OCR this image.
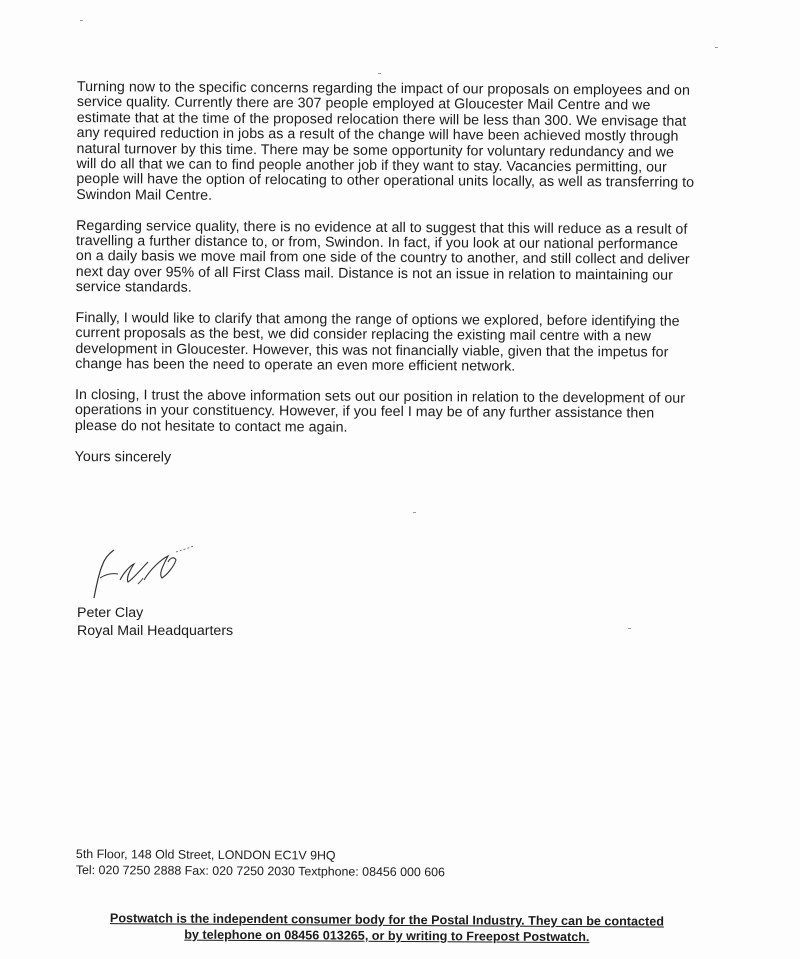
Turning now to the specific concerns regarding the impact of our proposals on employees and on service quality. Currently there are 307 people employed at Gloucester Mail Centre and we estimate that at the time of the proposed relocation there will be less than 300. We envisage that any required reduction in jobs as a result of the change will have been achieved mostly through natural turnover by this time. There may be some opportunity for voluntary redundancy and we will do all that we can to find people another job if they want to stay. Vacancies permitting, our people will have the option of relocating to other operational units locally, as well as transferring to Swindon Mail Centre.

Regarding service quality, there is no evidence at all to suggest that this will reduce as a result of travelling a further distance to, or from, Swindon. In fact, if you look at our national performance on a daily basis we move mail from one side of the country to another, and still collect and deliver next day over 95% of all First Class mail. Distance is not an issue in relation to maintaining our service standards.

Finally, I would like to clarify that among the range of options we explored, before identifying the current proposals as the best, we did consider replacing the existing mail centre with a new development in Gloucester. However, this was not financially viable, given that the impetus for change has been the need to operate an even more efficient network.

In closing, I trust the above information sets out our position in relation to the development of our operations in your constituency. However, if you feel I may be of any further assistance then please do not hesitate to contact me again.

Yours sincerely

Peter Clay
Royal Mail Headquarters
5th Floor, 148 Old Street, LONDON EC1V 9HQ
Tel: 020 7250 2888 Fax: 020 7250 2030 Textphone: 08456 000 606
Postwatch is the independent consumer body for the Postal Industry. They can be contacted
by telephone on 08456 013265, or by writing to Freepost Postwatch.
